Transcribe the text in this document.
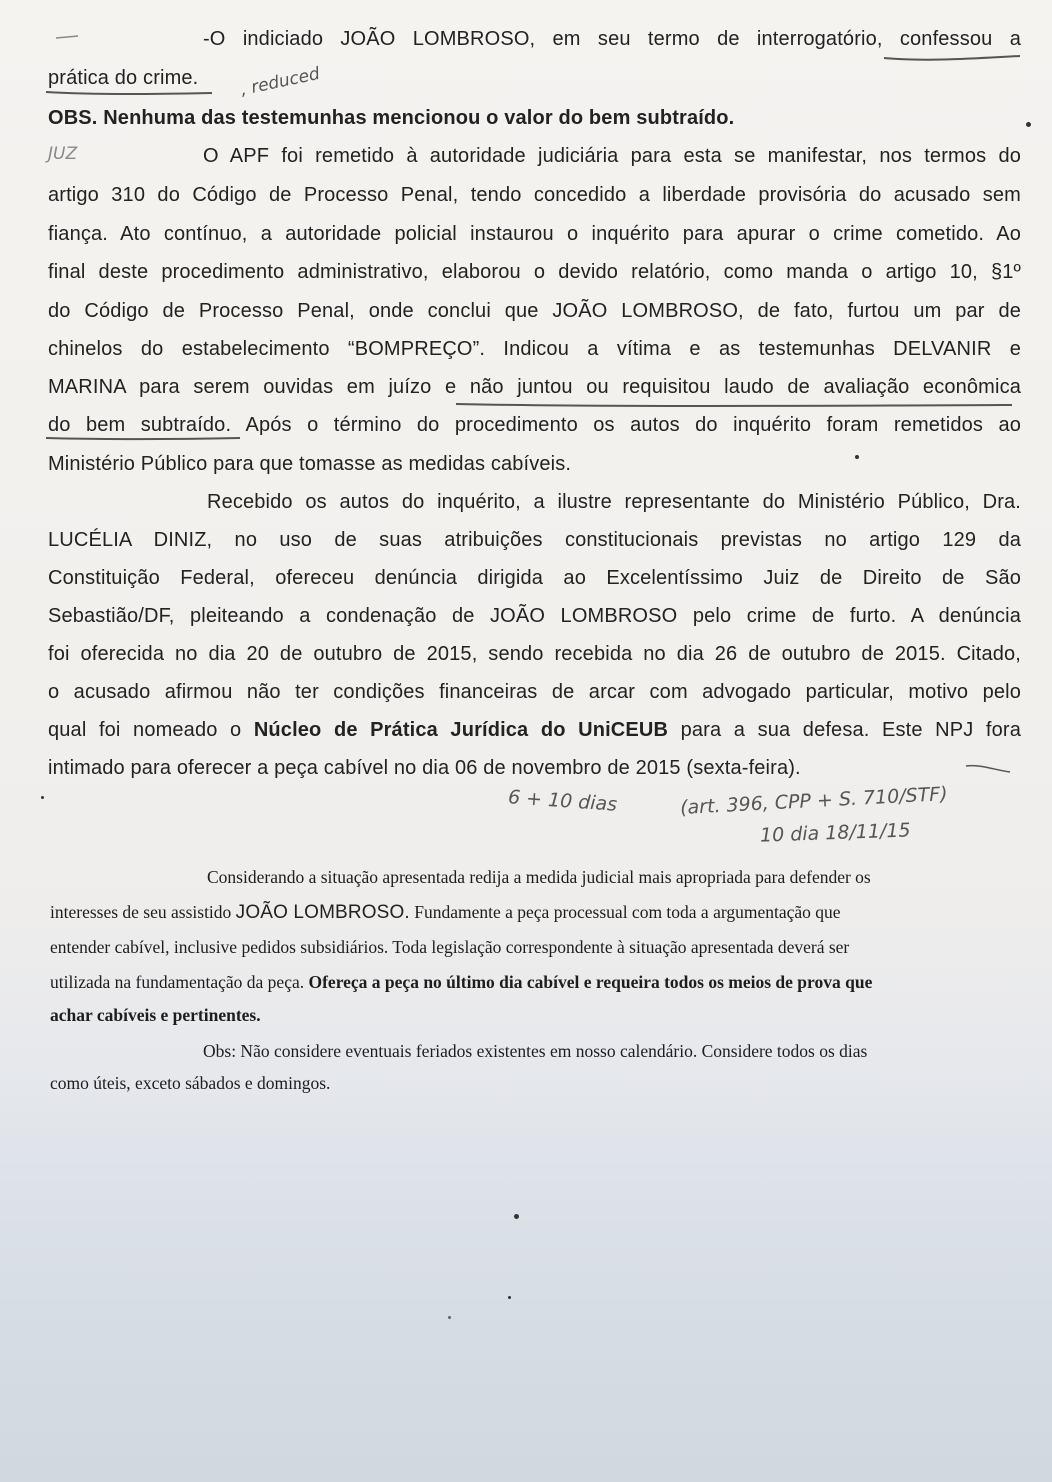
-O indiciado JOÃO LOMBROSO, em seu termo de interrogatório, confessou a
prática do crime.
OBS. Nenhuma das testemunhas mencionou o valor do bem subtraído.
O APF foi remetido à autoridade judiciária para esta se manifestar, nos termos do
artigo 310 do Código de Processo Penal, tendo concedido a liberdade provisória do acusado sem
fiança. Ato contínuo, a autoridade policial instaurou o inquérito para apurar o crime cometido. Ao
final deste procedimento administrativo, elaborou o devido relatório, como manda o artigo 10, §1º
do Código de Processo Penal, onde conclui que JOÃO LOMBROSO, de fato, furtou um par de
chinelos do estabelecimento “BOMPREÇO”. Indicou a vítima e as testemunhas DELVANIR e
MARINA para serem ouvidas em juízo e não juntou ou requisitou laudo de avaliação econômica
do bem subtraído. Após o término do procedimento os autos do inquérito foram remetidos ao
Ministério Público para que tomasse as medidas cabíveis.
Recebido os autos do inquérito, a ilustre representante do Ministério Público, Dra.
LUCÉLIA DINIZ, no uso de suas atribuições constitucionais previstas no artigo 129 da
Constituição Federal, ofereceu denúncia dirigida ao Excelentíssimo Juiz de Direito de São
Sebastião/DF, pleiteando a condenação de JOÃO LOMBROSO pelo crime de furto. A denúncia
foi oferecida no dia 20 de outubro de 2015, sendo recebida no dia 26 de outubro de 2015. Citado,
o acusado afirmou não ter condições financeiras de arcar com advogado particular, motivo pelo
qual foi nomeado o Núcleo de Prática Jurídica do UniCEUB para a sua defesa. Este NPJ fora
intimado para oferecer a peça cabível no dia 06 de novembro de 2015 (sexta-feira).
, reduced
JUZ
6 + 10 dias	(art. 396, CPP + S. 710/STF)
10 dia 18/11/15
Considerando a situação apresentada redija a medida judicial mais apropriada para defender os
interesses de seu assistido JOÃO LOMBROSO. Fundamente a peça processual com toda a argumentação que
entender cabível, inclusive pedidos subsidiários. Toda legislação correspondente à situação apresentada deverá ser
utilizada na fundamentação da peça. Ofereça a peça no último dia cabível e requeira todos os meios de prova que
achar cabíveis e pertinentes.
Obs: Não considere eventuais feriados existentes em nosso calendário. Considere todos os dias
como úteis, exceto sábados e domingos.
